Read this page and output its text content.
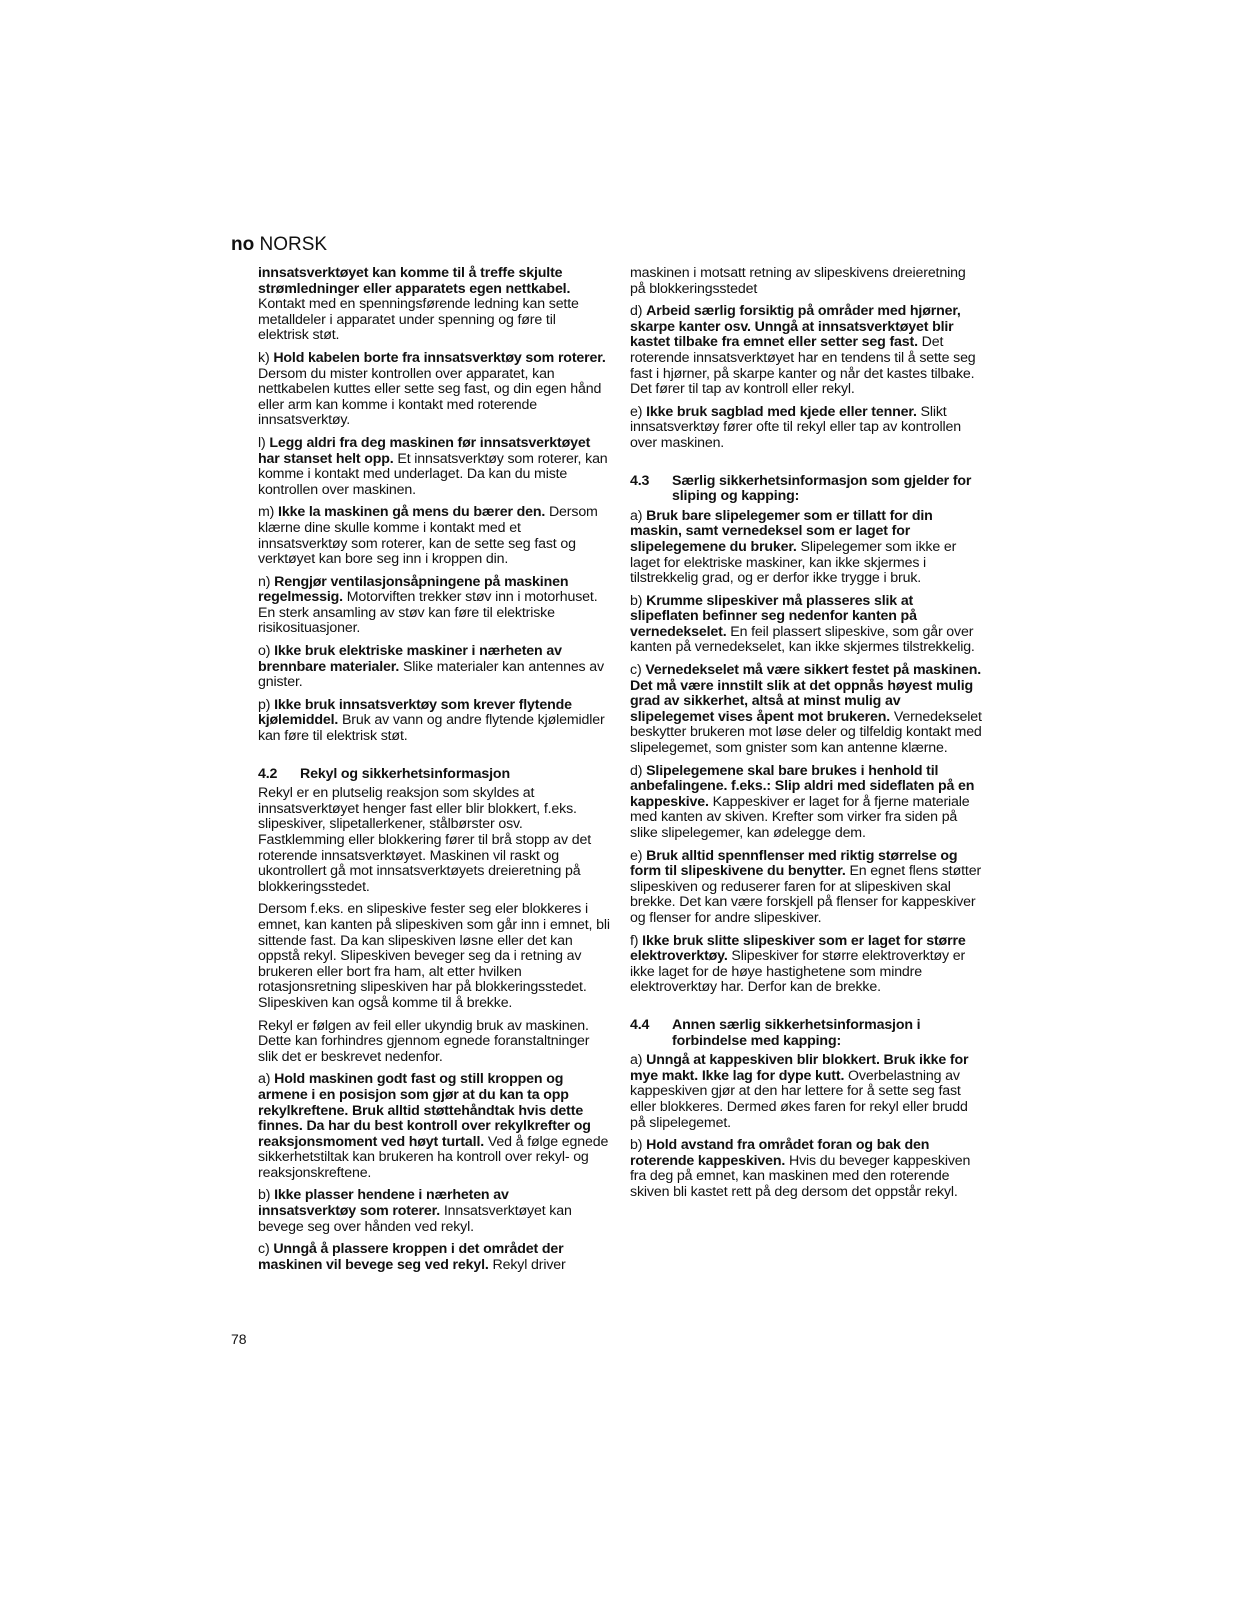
no NORSK

innsatsverktøyet kan komme til å treffe skjulte strømledninger eller apparatets egen nettkabel. Kontakt med en spenningsførende ledning kan sette metalldeler i apparatet under spenning og føre til elektrisk støt.

k) Hold kabelen borte fra innsatsverktøy som roterer. Dersom du mister kontrollen over apparatet, kan nettkabelen kuttes eller sette seg fast, og din egen hånd eller arm kan komme i kontakt med roterende innsatsverktøy.

l) Legg aldri fra deg maskinen før innsatsverktøyet har stanset helt opp. Et innsatsverktøy som roterer, kan komme i kontakt med underlaget. Da kan du miste kontrollen over maskinen.

m) Ikke la maskinen gå mens du bærer den. Dersom klærne dine skulle komme i kontakt med et innsatsverktøy som roterer, kan de sette seg fast og verktøyet kan bore seg inn i kroppen din.

n) Rengjør ventilasjonsåpningene på maskinen regelmessig. Motorviften trekker støv inn i motorhuset. En sterk ansamling av støv kan føre til elektriske risikosituasjoner.

o) Ikke bruk elektriske maskiner i nærheten av brennbare materialer. Slike materialer kan antennes av gnister.

p) Ikke bruk innsatsverktøy som krever flytende kjølemiddel. Bruk av vann og andre flytende kjølemidler kan føre til elektrisk støt.

4.2	Rekyl og sikkerhetsinformasjon

Rekyl er en plutselig reaksjon som skyldes at innsatsverktøyet henger fast eller blir blokkert, f.eks. slipeskiver, slipetallerkener, stålbørster osv. Fastklemming eller blokkering fører til brå stopp av det roterende innsatsverktøyet. Maskinen vil raskt og ukontrollert gå mot innsatsverktøyets dreieretning på blokkeringsstedet.

Dersom f.eks. en slipeskive fester seg eler blokkeres i emnet, kan kanten på slipeskiven som går inn i emnet, bli sittende fast. Da kan slipeskiven løsne eller det kan oppstå rekyl. Slipeskiven beveger seg da i retning av brukeren eller bort fra ham, alt etter hvilken rotasjonsretning slipeskiven har på blokkeringsstedet. Slipeskiven kan også komme til å brekke.

Rekyl er følgen av feil eller ukyndig bruk av maskinen. Dette kan forhindres gjennom egnede foranstaltninger slik det er beskrevet nedenfor.

a) Hold maskinen godt fast og still kroppen og armene i en posisjon som gjør at du kan ta opp rekylkreftene. Bruk alltid støttehåndtak hvis dette finnes. Da har du best kontroll over rekylkrefter og reaksjonsmoment ved høyt turtall. Ved å følge egnede sikkerhetstiltak kan brukeren ha kontroll over rekyl- og reaksjonskreftene.

b) Ikke plasser hendene i nærheten av innsatsverktøy som roterer. Innsatsverktøyet kan bevege seg over hånden ved rekyl.

c) Unngå å plassere kroppen i det området der maskinen vil bevege seg ved rekyl. Rekyl driver

maskinen i motsatt retning av slipeskivens dreieretning på blokkeringsstedet

d) Arbeid særlig forsiktig på områder med hjørner, skarpe kanter osv. Unngå at innsatsverktøyet blir kastet tilbake fra emnet eller setter seg fast. Det roterende innsatsverktøyet har en tendens til å sette seg fast i hjørner, på skarpe kanter og når det kastes tilbake. Det fører til tap av kontroll eller rekyl.

e) Ikke bruk sagblad med kjede eller tenner. Slikt innsatsverktøy fører ofte til rekyl eller tap av kontrollen over maskinen.

4.3	Særlig sikkerhetsinformasjon som gjelder for sliping og kapping:

a) Bruk bare slipelegemer som er tillatt for din maskin, samt vernedeksel som er laget for slipelegemene du bruker. Slipelegemer som ikke er laget for elektriske maskiner, kan ikke skjermes i tilstrekkelig grad, og er derfor ikke trygge i bruk.

b) Krumme slipeskiver må plasseres slik at slipeflaten befinner seg nedenfor kanten på vernedekselet. En feil plassert slipeskive, som går over kanten på vernedekselet, kan ikke skjermes tilstrekkelig.

c) Vernedekselet må være sikkert festet på maskinen. Det må være innstilt slik at det oppnås høyest mulig grad av sikkerhet, altså at minst mulig av slipelegemet vises åpent mot brukeren. Vernedekselet beskytter brukeren mot løse deler og tilfeldig kontakt med slipelegemet, som gnister som kan antenne klærne.

d) Slipelegemene skal bare brukes i henhold til anbefalingene. f.eks.: Slip aldri med sideflaten på en kappeskive. Kappeskiver er laget for å fjerne materiale med kanten av skiven. Krefter som virker fra siden på slike slipelegemer, kan ødelegge dem.

e) Bruk alltid spennflenser med riktig størrelse og form til slipeskivene du benytter. En egnet flens støtter slipeskiven og reduserer faren for at slipeskiven skal brekke. Det kan være forskjell på flenser for kappeskiver og flenser for andre slipeskiver.

f) Ikke bruk slitte slipeskiver som er laget for større elektroverktøy. Slipeskiver for større elektroverktøy er ikke laget for de høye hastighetene som mindre elektroverktøy har. Derfor kan de brekke.

4.4	Annen særlig sikkerhetsinformasjon i forbindelse med kapping:

a) Unngå at kappeskiven blir blokkert. Bruk ikke for mye makt. Ikke lag for dype kutt. Overbelastning av kappeskiven gjør at den har lettere for å sette seg fast eller blokkeres. Dermed økes faren for rekyl eller brudd på slipelegemet.

b) Hold avstand fra området foran og bak den roterende kappeskiven. Hvis du beveger kappeskiven fra deg på emnet, kan maskinen med den roterende skiven bli kastet rett på deg dersom det oppstår rekyl.

78
